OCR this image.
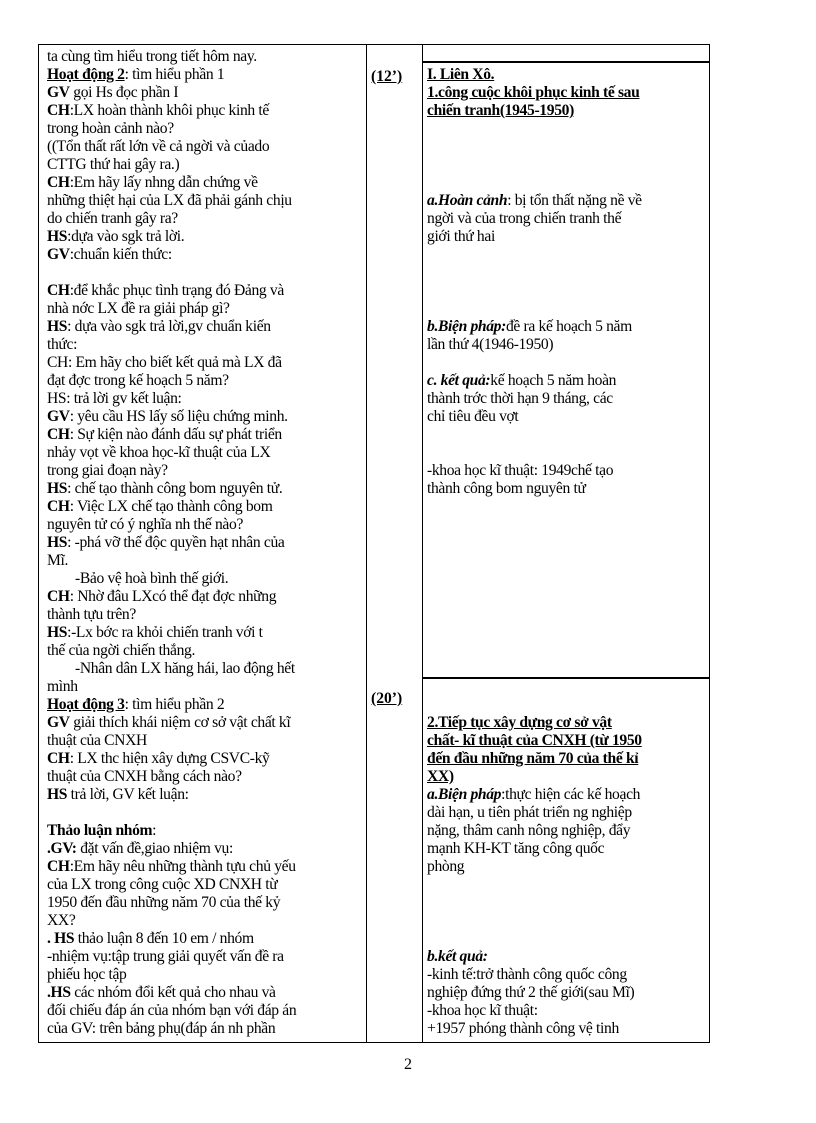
ta cùng tìm hiểu trong tiết hôm nay.
Hoạt động 2: tìm hiểu phần 1
GV gọi Hs đọc phần I
CH:LX hoàn thành khôi phục kinh tế
trong hoàn cảnh nào?
((Tổn thất rất lớn về cả ngời và củado
CTTG thứ hai gây ra.)
CH:Em hãy lấy nhng dẫn chứng về
những thiệt hại của LX đã phải gánh chịu
do chiến tranh gây ra?
HS:dựa vào sgk trả lời.
GV:chuẩn kiến thức:
CH:để khắc phục tình trạng đó Đảng và
nhà nớc LX đề ra giải pháp gì?
HS: dựa vào sgk trả lời,gv chuẩn kiến
thức:
CH: Em hãy cho biết kết quả mà LX đã
đạt đợc trong kế hoạch 5 năm?
HS: trả lời gv kết luận:
GV: yêu cầu HS lấy số liệu chứng minh.
CH: Sự kiện nào đánh dấu sự phát triển
nhảy vọt về khoa học-kĩ thuật của LX
trong giai đoạn này?
HS: chế tạo thành công bom nguyên tử.
CH: Việc LX chế tạo thành công bom
nguyên tử có ý nghĩa nh thế nào?
HS: -phá vỡ thế độc quyền hạt nhân của
Mĩ.
-Bảo vệ hoà bình thế giới.
CH: Nhờ đâu LXcó thể đạt đợc những
thành tựu trên?
HS:-Lx bớc ra khỏi chiến tranh với t
thế của ngời chiến thắng.
-Nhân dân LX hăng hái, lao động hết
mình
Hoạt động 3: tìm hiểu phần 2
GV giải thích khái niệm cơ sở vật chất kĩ
thuật của CNXH
CH: LX thc hiện xây dựng CSVC-kỹ
thuật của CNXH bằng cách nào?
HS trả lời, GV kết luận:
Thảo luận nhóm:
.GV: đặt vấn đề,giao nhiệm vụ:
CH:Em hãy nêu những thành tựu chủ yếu
của LX trong công cuộc XD CNXH từ
1950 đến đầu những năm 70 của thế kỷ
XX?
. HS thảo luận 8 đến 10 em / nhóm
-nhiệm vụ:tập trung giải quyết vấn đề ra
phiếu học tập
.HS các nhóm đổi kết quả cho nhau và
đối chiếu đáp án của nhóm bạn với đáp án
của GV: trên bảng phụ(đáp án nh phần
(12’)
(20’)
I. Liên Xô.
1.công cuộc khôi phục kinh tế sau
chiến tranh(1945-1950)
a.Hoàn cảnh: bị tổn thất nặng nề về
ngời và của trong chiến tranh thế
giới thứ hai
b.Biện pháp:đề ra kế hoạch 5 năm
lần thứ 4(1946-1950)
c. kết quả:kế hoạch 5 năm hoàn
thành trớc thời hạn 9 tháng, các
chỉ tiêu đều vợt
-khoa học kĩ thuật: 1949chế tạo
thành công bom nguyên tử
2.Tiếp tục xây dựng cơ sở vật
chất- kĩ thuật của CNXH (từ 1950
đến đầu những năm 70 của thế kỉ
XX)
a.Biện pháp:thực hiện các kế hoạch
dài hạn, u tiên phát triển ng nghiệp
nặng, thâm canh nông nghiệp, đẩy
mạnh KH-KT tăng công quốc
phòng
b.kết quả:
-kinh tế:trở thành công quốc công
nghiệp đứng thứ 2 thế giới(sau Mĩ)
-khoa học kĩ thuật:
+1957 phóng thành công vệ tinh
2
